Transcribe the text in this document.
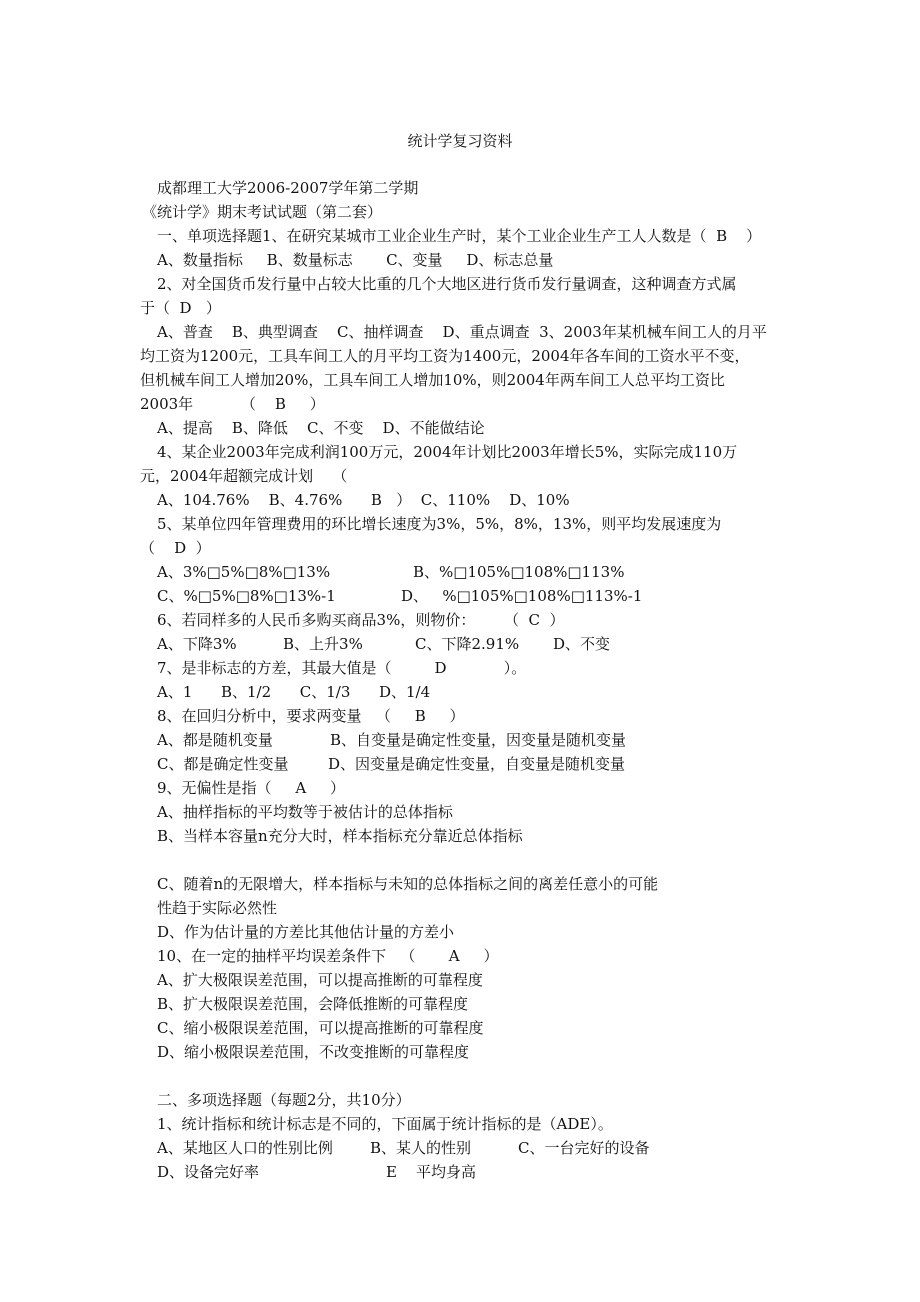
统计学复习资料
成都理工大学2006-2007学年第二学期
《统计学》期末考试试题（第二套）
一、单项选择题1、在研究某城市工业企业生产时，某个工业企业生产工人人数是（  B    ）
A、数量指标     B、数量标志       C、变量     D、标志总量
2、对全国货币发行量中占较大比重的几个大地区进行货币发行量调查，这种调查方式属
于（  D   ）
A、普查    B、典型调查    C、抽样调查    D、重点调查  3、2003年某机械车间工人的月平
均工资为1200元，工具车间工人的月平均工资为1400元，2004年各车间的工资水平不变，
但机械车间工人增加20%，工具车间工人增加10%，则2004年两车间工人总平均工资比
2003年          （    B     ）
A、提高    B、降低    C、不变    D、不能做结论
4、某企业2003年完成利润100万元，2004年计划比2003年增长5%，实际完成110万
元，2004年超额完成计划    （
A、104.76%    B、4.76%      B   ）  C、110%    D、10%
5、某单位四年管理费用的环比增长速度为3%，5%，8%，13%，则平均发展速度为
（    D  ）
A、3%□5%□8%□13%	B、%□105%□108%□113%
C、%□5%□8%□13%-1	D、   %□105%□108%□113%-1
6、若同样多的人民币多购买商品3%，则物价：      （  C  ）
A、下降3%	B、上升3%	C、下降2.91% D、不变
7、是非标志的方差，其最大值是（         D            ）。
A、1      B、1/2      C、1/3      D、1/4
8、在回归分析中，要求两变量   （     B     ）
A、都是随机变量	B、自变量是确定性变量，因变量是随机变量
C、都是确定性变量	D、因变量是确定性变量，自变量是随机变量
9、无偏性是指（     A     ）
A、抽样指标的平均数等于被估计的总体指标
B、当样本容量n充分大时，样本指标充分靠近总体指标
C、随着n的无限增大，样本指标与未知的总体指标之间的离差任意小的可能
性趋于实际必然性
D、作为估计量的方差比其他估计量的方差小
10、在一定的抽样平均误差条件下   （       A     ）
A、扩大极限误差范围，可以提高推断的可靠程度
B、扩大极限误差范围，会降低推断的可靠程度
C、缩小极限误差范围，可以提高推断的可靠程度
D、缩小极限误差范围，不改变推断的可靠程度
二、多项选择题（每题2分，共10分）
1、统计指标和统计标志是不同的，下面属于统计指标的是（ADE）。
A、某地区人口的性别比例 B、某人的性别	C、一台完好的设备
D、设备完好率	E    平均身高
